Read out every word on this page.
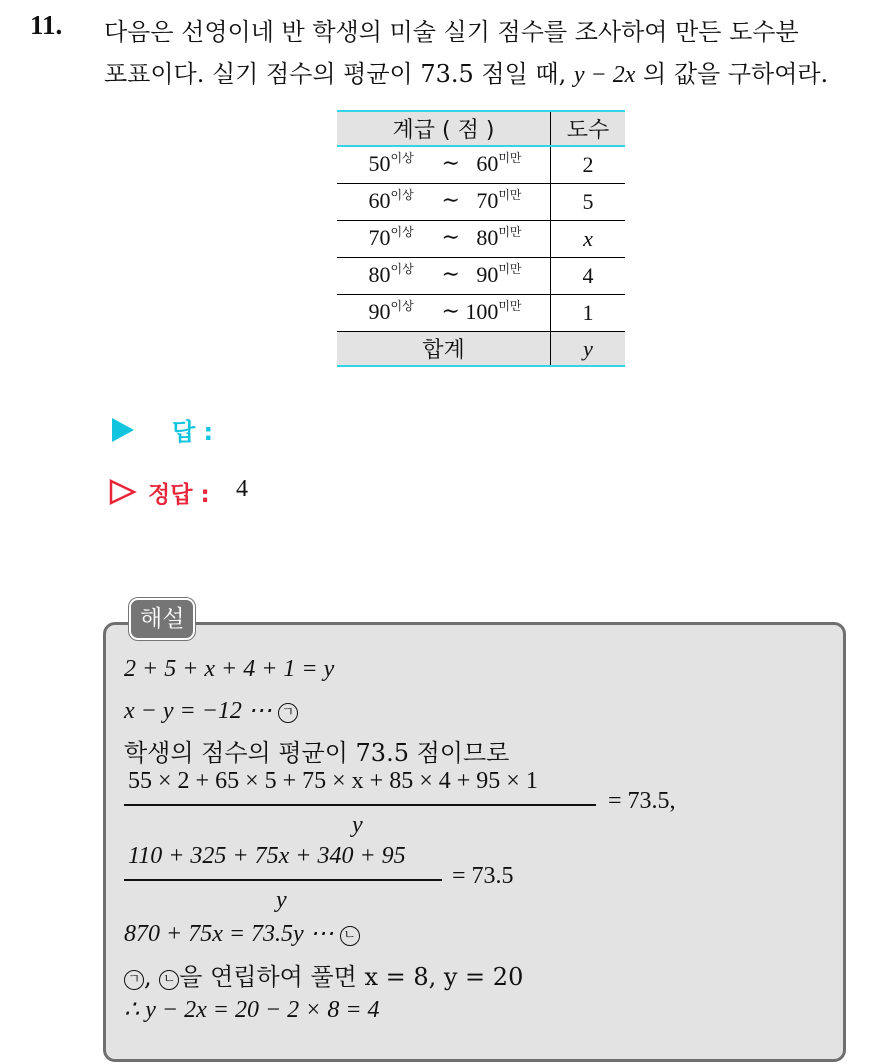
11. 다음은 선영이네 반 학생의 미술 실기 점수를 조사하여 만든 도수분
포표이다. 실기 점수의 평균이 73.5 점일 때, y − 2x 의 값을 구하여라.
계급 ( 점 )	도수

$50^{이상}$ ∼ $60^{미만}$	2

$60^{이상}$ ∼ $70^{미만}$	5

$70^{이상}$ ∼ $80^{미만}$	x

$80^{이상}$ ∼ $90^{미만}$	4

$90^{이상}$ ∼ $100^{미만}$	1
합계	y
답 :
정답 : 4
해설
2 + 5 + x + 4 + 1 = y
x − y = −12 ⋯ ㄱ
학생의 점수의 평균이 73.5 점이므로
55 × 2 + 65 × 5 + 75 × x + 85 × 4 + 95 × 1
y
= 73.5,
110 + 325 + 75x + 340 + 95
y
= 73.5
870 + 75x = 73.5y ⋯ ㄴ
ㄱ , ㄴ 을 연립하여 풀면 x = 8, y = 20
∴ y − 2x = 20 − 2 × 8 = 4
